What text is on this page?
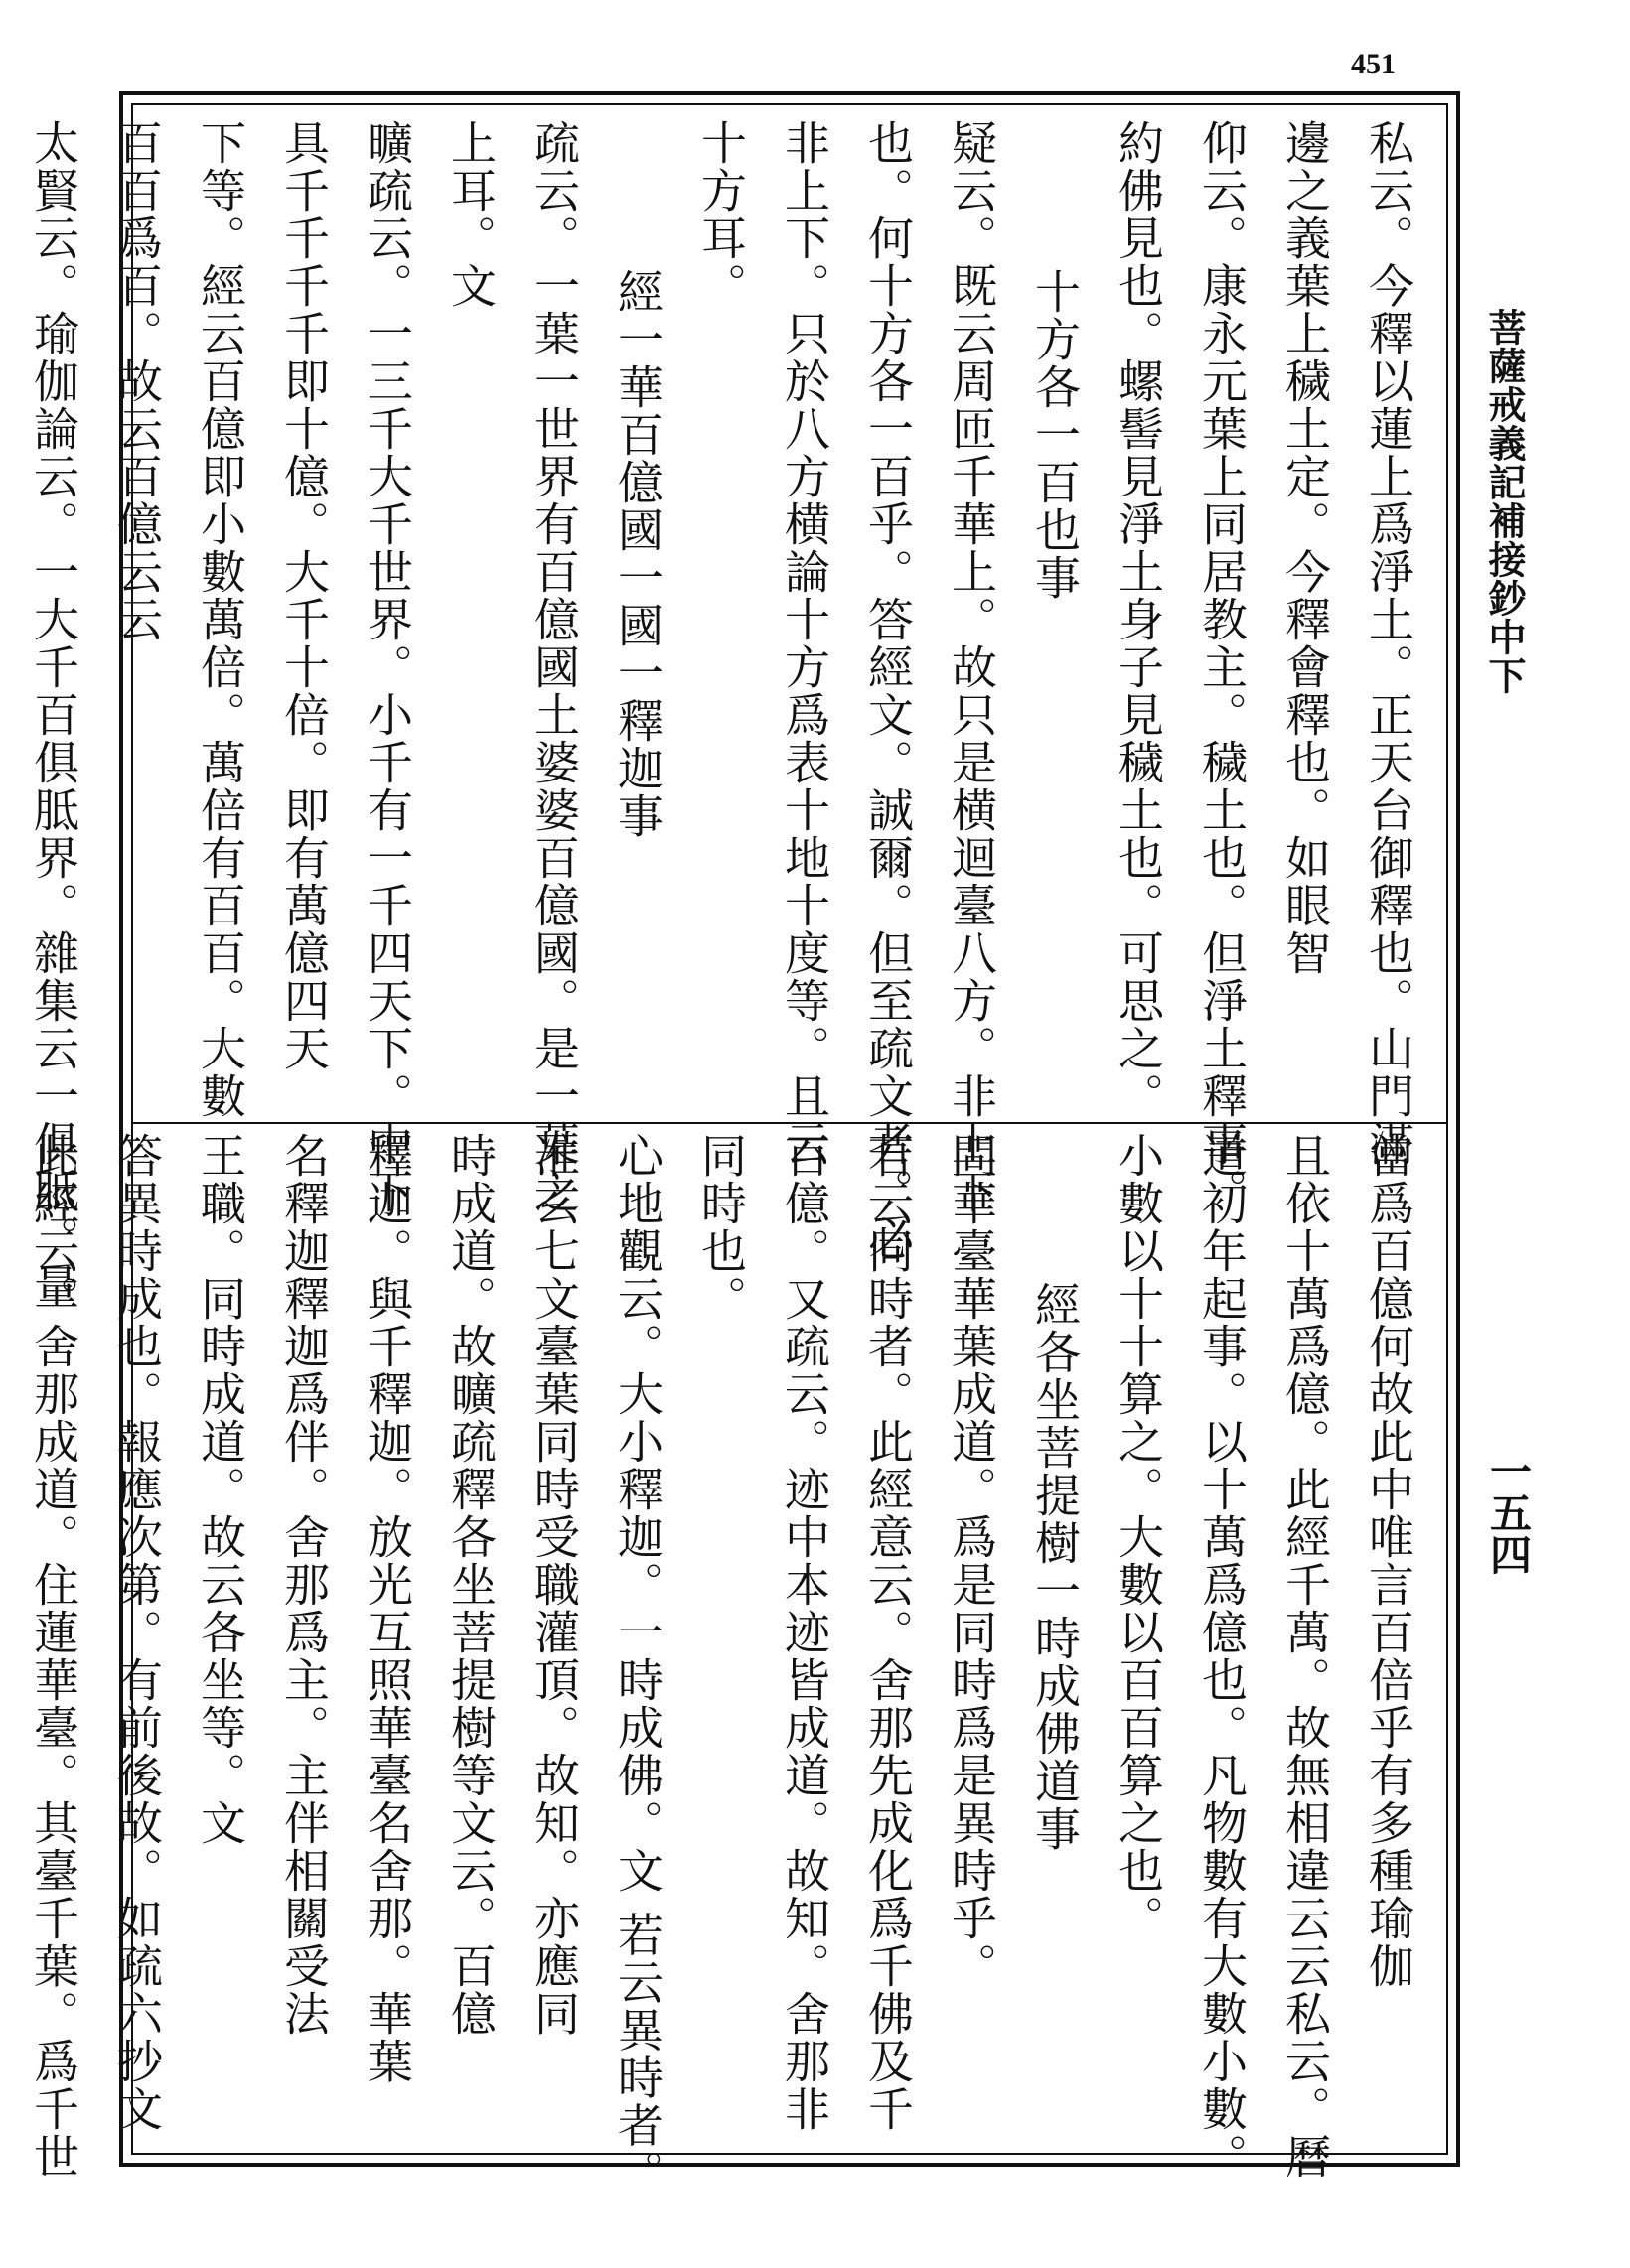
451
菩薩戒義記補接鈔中下
一五四
私云。今釋以蓮上爲淨土。正天台御釋也。山門滿
邊之義葉上穢土定。今釋會釋也。如眼智
仰云。康永元葉上同居教主。穢土也。但淨土釋事。
約佛見也。螺髻見淨土身子見穢土也。可思之。
十方各一百也事
疑云。既云周匝千華上。故只是横迴臺八方。非上下
也。何十方各一百乎。答經文。誠爾。但至疏文者。必
非上下。只於八方横論十方爲表十地十度等。且云
十方耳。
經一華百億國一國一釋迦事
疏云。一葉一世界有百億國土婆婆百億國。是一葉之
上耳。文
曠疏云。一三千大千世界。小千有一千四天下。中下
具千千千千即十億。大千十倍。即有萬億四天
下等。經云百億即小數萬倍。萬倍有百百。大數
百百爲百。故云百億云云
太賢云。瑜伽論云。一大千百俱胝界。雜集云一俱胝。量
當爲百億何故此中唯言百倍乎有多種瑜伽
且依十萬爲億。此經千萬。故無相違云云私云。曆
道初年起事。以十萬爲億也。凡物數有大數小數。
小數以十十算之。大數以百百算之也。
經各坐菩提樹一時成佛道事
問華臺華葉成道。爲是同時爲是異時乎。
若云同時者。此經意云。舍那先成化爲千佛及千
百億。又疏云。迹中本迹皆成道。故知。舍那非
同時也。
心地觀云。大小釋迦。一時成佛。文 若云異時者。
准玄七文臺葉同時受職灌頂。故知。亦應同
時成道。故曠疏釋各坐菩提樹等文云。百億
釋迦。與千釋迦。放光互照華臺名舍那。華葉
名釋迦釋迦爲伴。舍那爲主。主伴相關受法
王職。同時成道。故云各坐等。文
答異時成也。報應次第。有前後故。如疏六抄文
此經云。舍那成道。住蓮華臺。其臺千葉。爲千世
